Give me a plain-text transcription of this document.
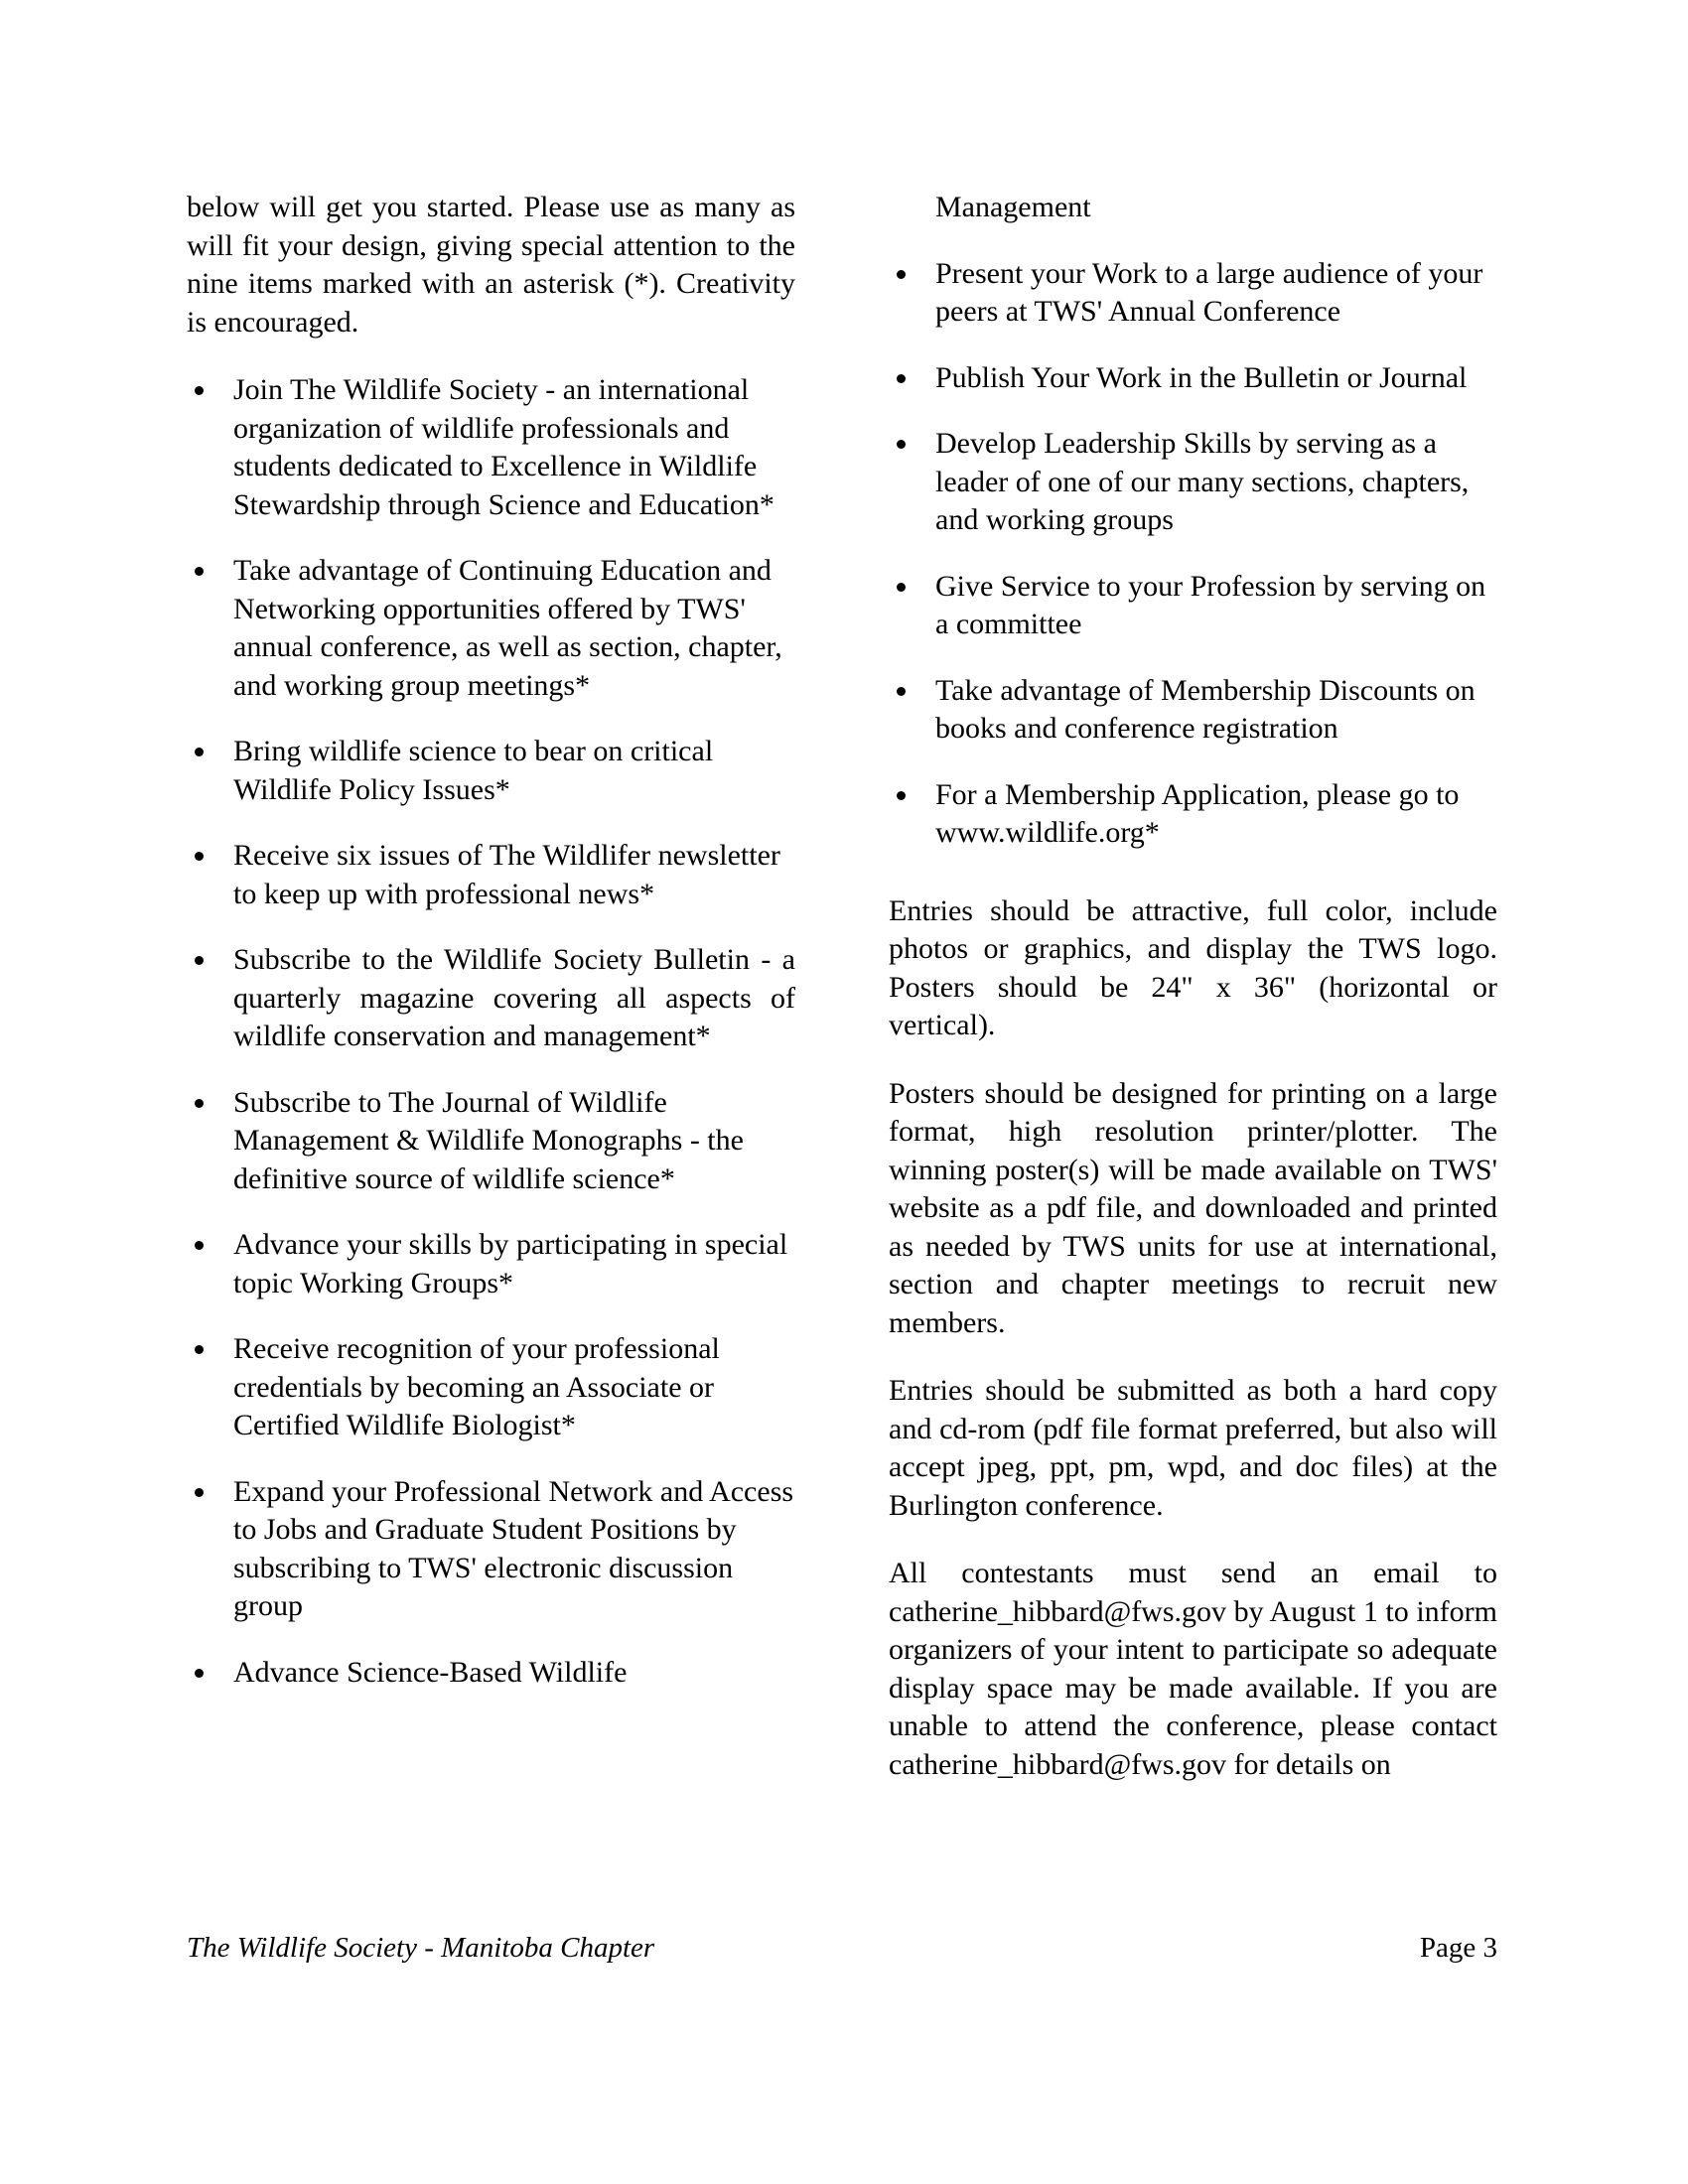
below will get you started. Please use as many as will fit your design, giving special attention to the nine items marked with an asterisk (*). Creativity is encouraged.

Join The Wildlife Society - an international organization of wildlife professionals and students dedicated to Excellence in Wildlife Stewardship through Science and Education*
Take advantage of Continuing Education and Networking opportunities offered by TWS' annual conference, as well as section, chapter, and working group meetings*
Bring wildlife science to bear on critical Wildlife Policy Issues*
Receive six issues of The Wildlifer newsletter to keep up with professional news*
Subscribe to the Wildlife Society Bulletin - a quarterly magazine covering all aspects of wildlife conservation and management*
Subscribe to The Journal of Wildlife Management & Wildlife Monographs - the definitive source of wildlife science*
Advance your skills by participating in special topic Working Groups*
Receive recognition of your professional credentials by becoming an Associate or Certified Wildlife Biologist*
Expand your Professional Network and Access to Jobs and Graduate Student Positions by subscribing to TWS' electronic discussion group
Advance Science-Based Wildlife
Management
Present your Work to a large audience of your peers at TWS' Annual Conference
Publish Your Work in the Bulletin or Journal
Develop Leadership Skills by serving as a leader of one of our many sections, chapters, and working groups
Give Service to your Profession by serving on a committee
Take advantage of Membership Discounts on books and conference registration
For a Membership Application, please go to www.wildlife.org*

Entries should be attractive, full color, include photos or graphics, and display the TWS logo. Posters should be 24" x 36" (horizontal or vertical).

Posters should be designed for printing on a large format, high resolution printer/plotter. The winning poster(s) will be made available on TWS' website as a pdf file, and downloaded and printed as needed by TWS units for use at international, section and chapter meetings to recruit new members.

Entries should be submitted as both a hard copy and cd-rom (pdf file format preferred, but also will accept jpeg, ppt, pm, wpd, and doc files) at the Burlington conference.

All contestants must send an email to catherine_hibbard@fws.gov by August 1 to inform organizers of your intent to participate so adequate display space may be made available. If you are unable to attend the conference, please contact catherine_hibbard@fws.gov for details on

The Wildlife Society - Manitoba Chapter	Page 3
